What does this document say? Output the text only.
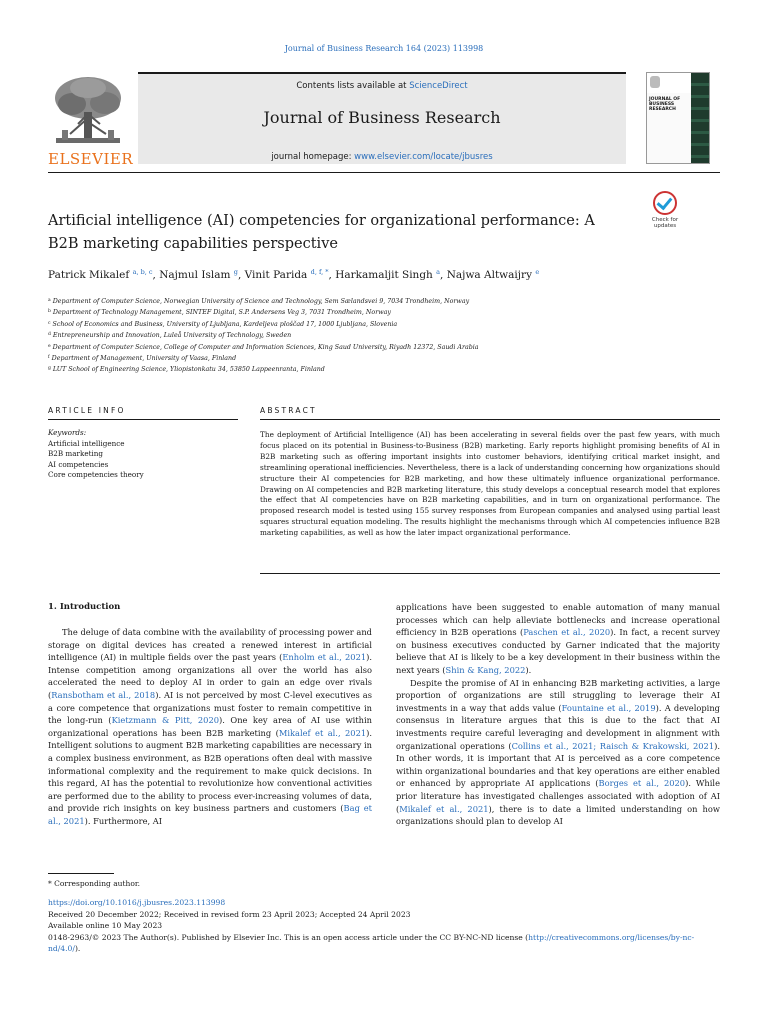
Journal of Business Research 164 (2023) 113998
ELSEVIER
Contents lists available at ScienceDirect
Journal of Business Research
journal homepage: www.elsevier.com/locate/jbusres
JOURNAL OF BUSINESS RESEARCH
Artificial intelligence (AI) competencies for organizational performance: A
B2B marketing capabilities perspective
Check for
updates
Patrick Mikalef $^{a, b, c}$, Najmul Islam $^g$, Vinit Parida $^{d, f, *}$, Harkamaljit Singh $^a$, Najwa Altwaijry $^e$
$^a$ Department of Computer Science, Norwegian University of Science and Technology, Sem Sælandsvei 9, 7034 Trondheim, Norway
$^b$ Department of Technology Management, SINTEF Digital, S.P. Andersens Veg 3, 7031 Trondheim, Norway
$^c$ School of Economics and Business, University of Ljubljana, Kardeljeva ploščad 17, 1000 Ljubljana, Slovenia
$^d$ Entrepreneurship and Innovation, Luleå University of Technology, Sweden
$^e$ Department of Computer Science, College of Computer and Information Sciences, King Saud University, Riyadh 12372, Saudi Arabia
$^f$ Department of Management, University of Vaasa, Finland
$^g$ LUT School of Engineering Science, Yliopistonkatu 34, 53850 Lappeenranta, Finland
ARTICLE INFO	ABSTRACT
Keywords:
Artificial intelligence
B2B marketing
AI competencies
Core competencies theory
The deployment of Artificial Intelligence (AI) has been accelerating in several fields over the past few years, with much focus placed on its potential in Business-to-Business (B2B) marketing. Early reports highlight promising benefits of AI in B2B marketing such as offering important insights into customer behaviors, identifying critical market insight, and streamlining operational inefficiencies. Nevertheless, there is a lack of understanding concerning how organizations should structure their AI competencies for B2B marketing, and how these ultimately influence organizational performance. Drawing on AI competencies and B2B marketing literature, this study develops a conceptual research model that explores the effect that AI competencies have on B2B marketing capabilities, and in turn on organizational performance. The proposed research model is tested using 155 survey responses from European companies and analysed using partial least squares structural equation modeling. The results highlight the mechanisms through which AI competencies influence B2B marketing capabilities, as well as how the later impact organizational performance.
1. Introduction

The deluge of data combine with the availability of processing power and storage on digital devices has created a renewed interest in artificial intelligence (AI) in multiple fields over the past years (Enholm et al., 2021). Intense competition among organizations all over the world has also accelerated the need to deploy AI in order to gain an edge over rivals (Ransbotham et al., 2018). AI is not perceived by most C-level executives as a core competence that organizations must foster to remain competitive in the long-run (Kietzmann & Pitt, 2020). One key area of AI use within organizational operations has been B2B marketing (Mikalef et al., 2021). Intelligent solutions to augment B2B marketing capabilities are necessary in a complex business environment, as B2B operations often deal with massive informational complexity and the requirement to make quick decisions. In this regard, AI has the potential to revolutionize how conventional activities are performed due to the ability to process ever-increasing volumes of data, and provide rich insights on key business partners and customers (Bag et al., 2021). Furthermore, AI

applications have been suggested to enable automation of many manual processes which can help alleviate bottlenecks and increase operational efficiency in B2B operations (Paschen et al., 2020). In fact, a recent survey on business executives conducted by Garner indicated that the majority believe that AI is likely to be a key development in their business within the next years (Shin & Kang, 2022).

Despite the promise of AI in enhancing B2B marketing activities, a large proportion of organizations are still struggling to leverage their AI investments in a way that adds value (Fountaine et al., 2019). A developing consensus in literature argues that this is due to the fact that AI investments require careful leveraging and development in alignment with organizational operations (Collins et al., 2021; Raisch & Krakowski, 2021). In other words, it is important that AI is perceived as a core competence within organizational boundaries and that key operations are either enabled or enhanced by appropriate AI applications (Borges et al., 2020). While prior literature has investigated challenges associated with adoption of AI (Mikalef et al., 2021), there is to date a limited understanding on how organizations should plan to develop AI

* Corresponding author.
https://doi.org/10.1016/j.jbusres.2023.113998
Received 20 December 2022; Received in revised form 23 April 2023; Accepted 24 April 2023
Available online 10 May 2023
0148-2963/© 2023 The Author(s). Published by Elsevier Inc. This is an open access article under the CC BY-NC-ND license (http://creativecommons.org/licenses/by-nc-nd/4.0/).
